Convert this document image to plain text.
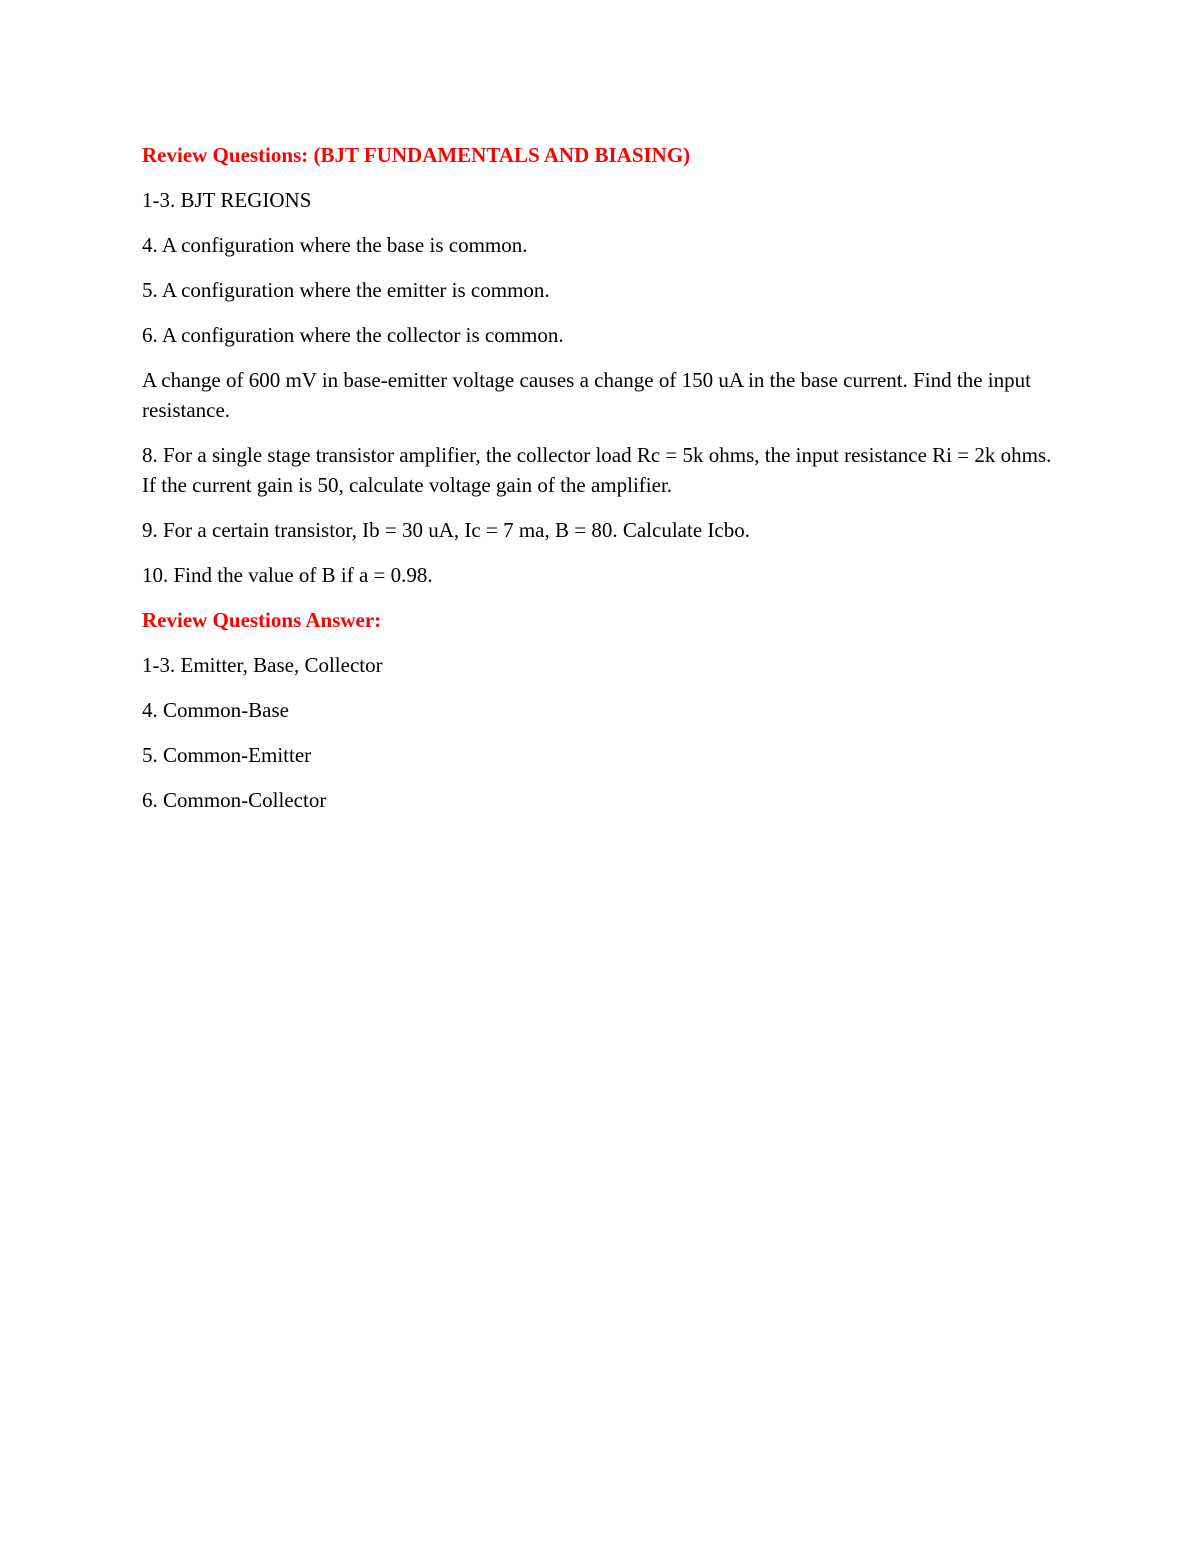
Review Questions: (BJT FUNDAMENTALS AND BIASING)

1-3. BJT REGIONS

4. A configuration where the base is common.

5. A configuration where the emitter is common.

6. A configuration where the collector is common.

A change of 600 mV in base-emitter voltage causes a change of 150 uA in the base current. Find the input resistance.

8. For a single stage transistor amplifier, the collector load Rc = 5k ohms, the input resistance Ri = 2k ohms. If the current gain is 50, calculate voltage gain of the amplifier.

9. For a certain transistor, Ib = 30 uA, Ic = 7 ma, B = 80. Calculate Icbo.

10. Find the value of B if a = 0.98.

Review Questions Answer:

1-3. Emitter, Base, Collector

4. Common-Base

5. Common-Emitter

6. Common-Collector
